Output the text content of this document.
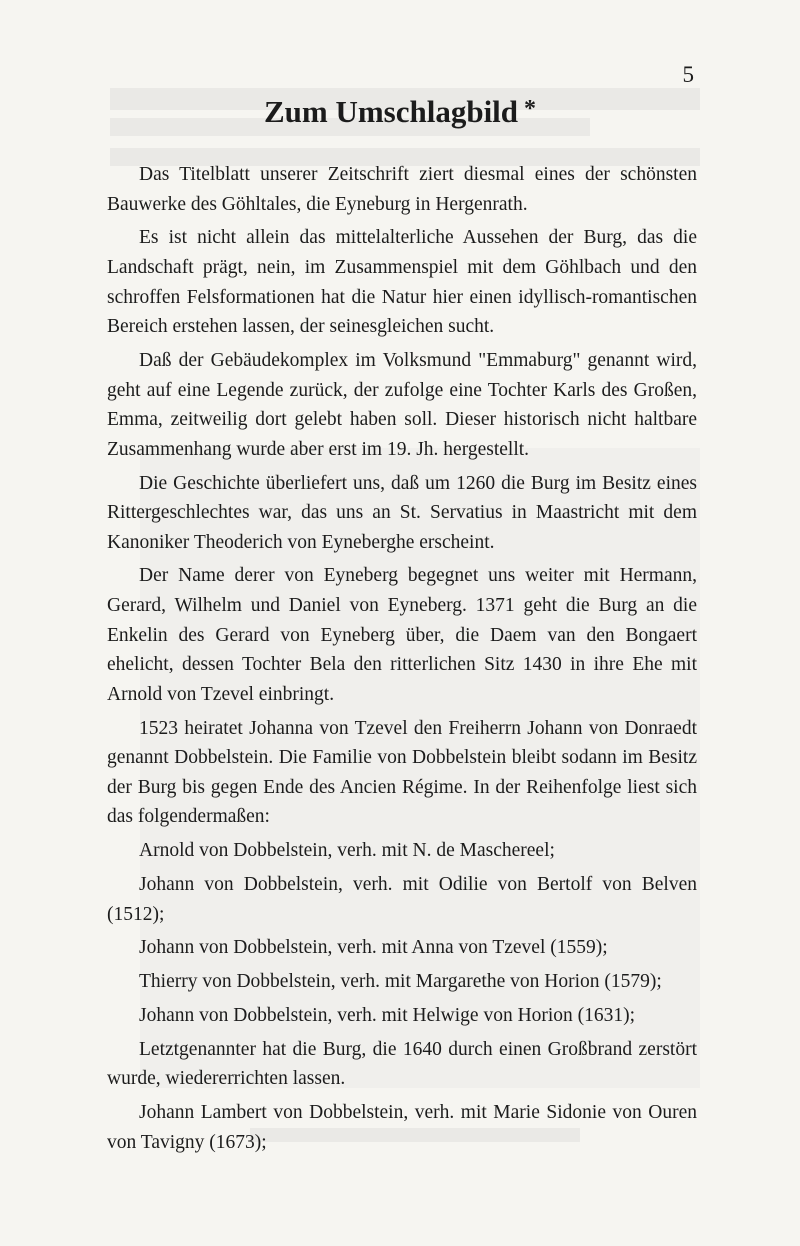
5
Zum Umschlagbild *

Das Titelblatt unserer Zeitschrift ziert diesmal eines der schönsten Bauwerke des Göhltales, die Eyneburg in Hergenrath.

Es ist nicht allein das mittelalterliche Aussehen der Burg, das die Landschaft prägt, nein, im Zusammenspiel mit dem Göhlbach und den schroffen Felsformationen hat die Natur hier einen idyllisch-romantischen Bereich erstehen lassen, der seinesgleichen sucht.

Daß der Gebäudekomplex im Volksmund "Emmaburg" genannt wird, geht auf eine Legende zurück, der zufolge eine Tochter Karls des Großen, Emma, zeitweilig dort gelebt haben soll. Dieser historisch nicht haltbare Zusammenhang wurde aber erst im 19. Jh. hergestellt.

Die Geschichte überliefert uns, daß um 1260 die Burg im Besitz eines Rittergeschlechtes war, das uns an St. Servatius in Maastricht mit dem Kanoniker Theoderich von Eyneberghe erscheint.

Der Name derer von Eyneberg begegnet uns weiter mit Hermann, Gerard, Wilhelm und Daniel von Eyneberg. 1371 geht die Burg an die Enkelin des Gerard von Eyneberg über, die Daem van den Bongaert ehelicht, dessen Tochter Bela den ritterlichen Sitz 1430 in ihre Ehe mit Arnold von Tzevel einbringt.

1523 heiratet Johanna von Tzevel den Freiherrn Johann von Donraedt genannt Dobbelstein. Die Familie von Dobbelstein bleibt sodann im Besitz der Burg bis gegen Ende des Ancien Régime. In der Reihenfolge liest sich das folgendermaßen:

Arnold von Dobbelstein, verh. mit N. de Maschereel;

Johann von Dobbelstein, verh. mit Odilie von Bertolf von Belven (1512);

Johann von Dobbelstein, verh. mit Anna von Tzevel (1559);

Thierry von Dobbelstein, verh. mit Margarethe von Horion (1579);

Johann von Dobbelstein, verh. mit Helwige von Horion (1631);

Letztgenannter hat die Burg, die 1640 durch einen Großbrand zerstört wurde, wiedererrichten lassen.

Johann Lambert von Dobbelstein, verh. mit Marie Sidonie von Ouren von Tavigny (1673);
